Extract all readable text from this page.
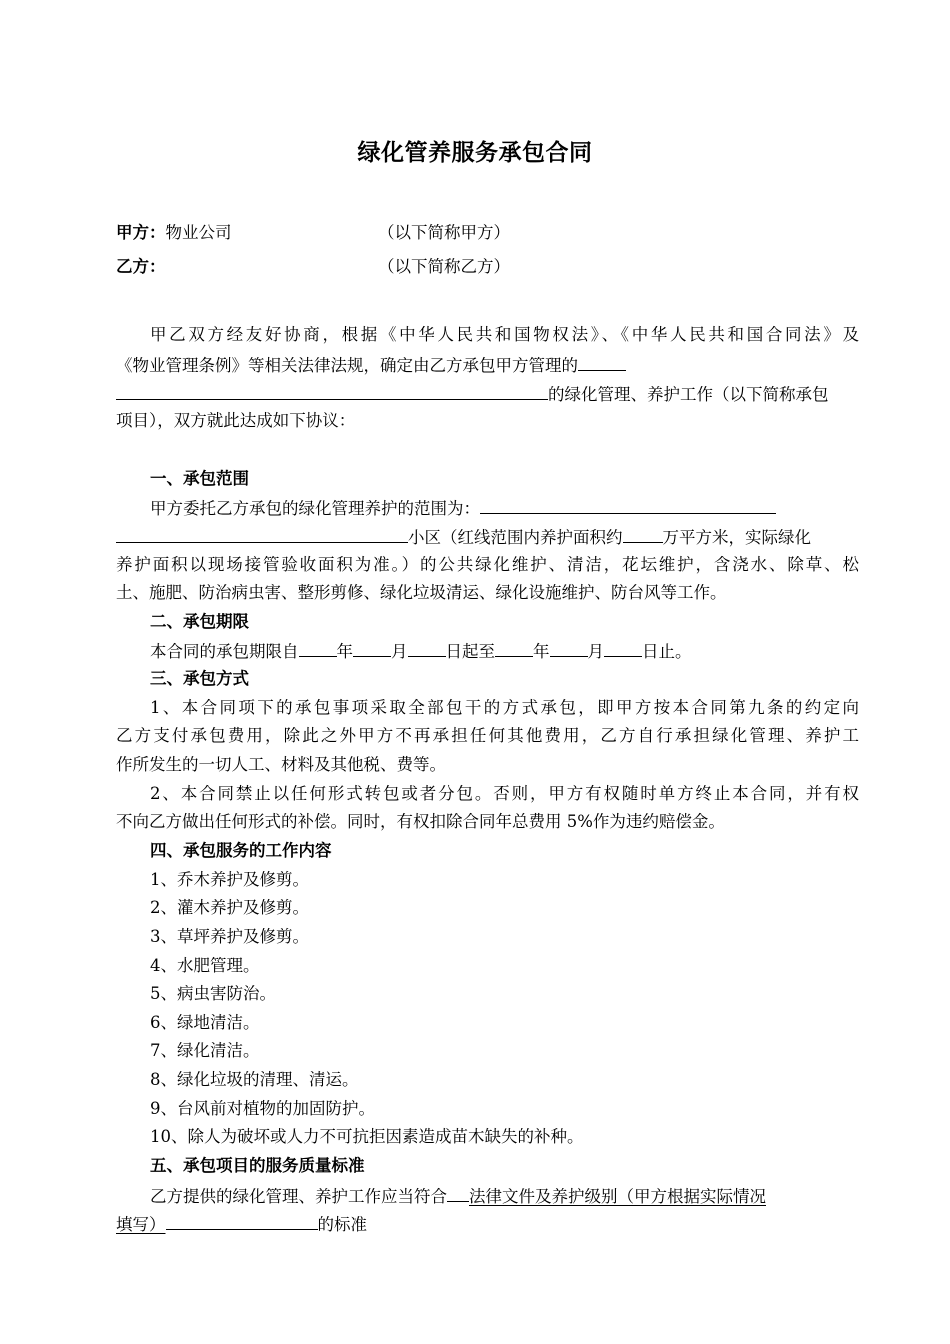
绿化管养服务承包合同
甲方：物业公司	（以下简称甲方）
乙方：	（以下简称乙方）
甲乙双方经友好协商，根据《中华人民共和国物权法》、《中华人民共和国合同法》及
《物业管理条例》等相关法律法规，确定由乙方承包甲方管理的
的绿化管理、养护工作（以下简称承包
项目），双方就此达成如下协议：
一、承包范围
甲方委托乙方承包的绿化管理养护的范围为：
小区（红线范围内养护面积约 万平方米，实际绿化
养护面积以现场接管验收面积为准。）的公共绿化维护、清洁，花坛维护，含浇水、除草、松
土、施肥、防治病虫害、整形剪修、绿化垃圾清运、绿化设施维护、防台风等工作。
二、承包期限
本合同的承包期限自 年 月 日起至 年 月 日止。
三、承包方式
1、本合同项下的承包事项采取全部包干的方式承包，即甲方按本合同第九条的约定向
乙方支付承包费用，除此之外甲方不再承担任何其他费用，乙方自行承担绿化管理、养护工
作所发生的一切人工、材料及其他税、费等。
2、本合同禁止以任何形式转包或者分包。否则，甲方有权随时单方终止本合同，并有权
不向乙方做出任何形式的补偿。同时，有权扣除合同年总费用 5%作为违约赔偿金。
四、承包服务的工作内容
1、乔木养护及修剪。
2、灌木养护及修剪。
3、草坪养护及修剪。
4、水肥管理。
5、病虫害防治。
6、绿地清洁。
7、绿化清洁。
8、绿化垃圾的清理、清运。
9、台风前对植物的加固防护。
10、除人为破坏或人力不可抗拒因素造成苗木缺失的补种。
五、承包项目的服务质量标准
乙方提供的绿化管理、养护工作应当符合 法律文件及养护级别（甲方根据实际情况
填写）	的标准
